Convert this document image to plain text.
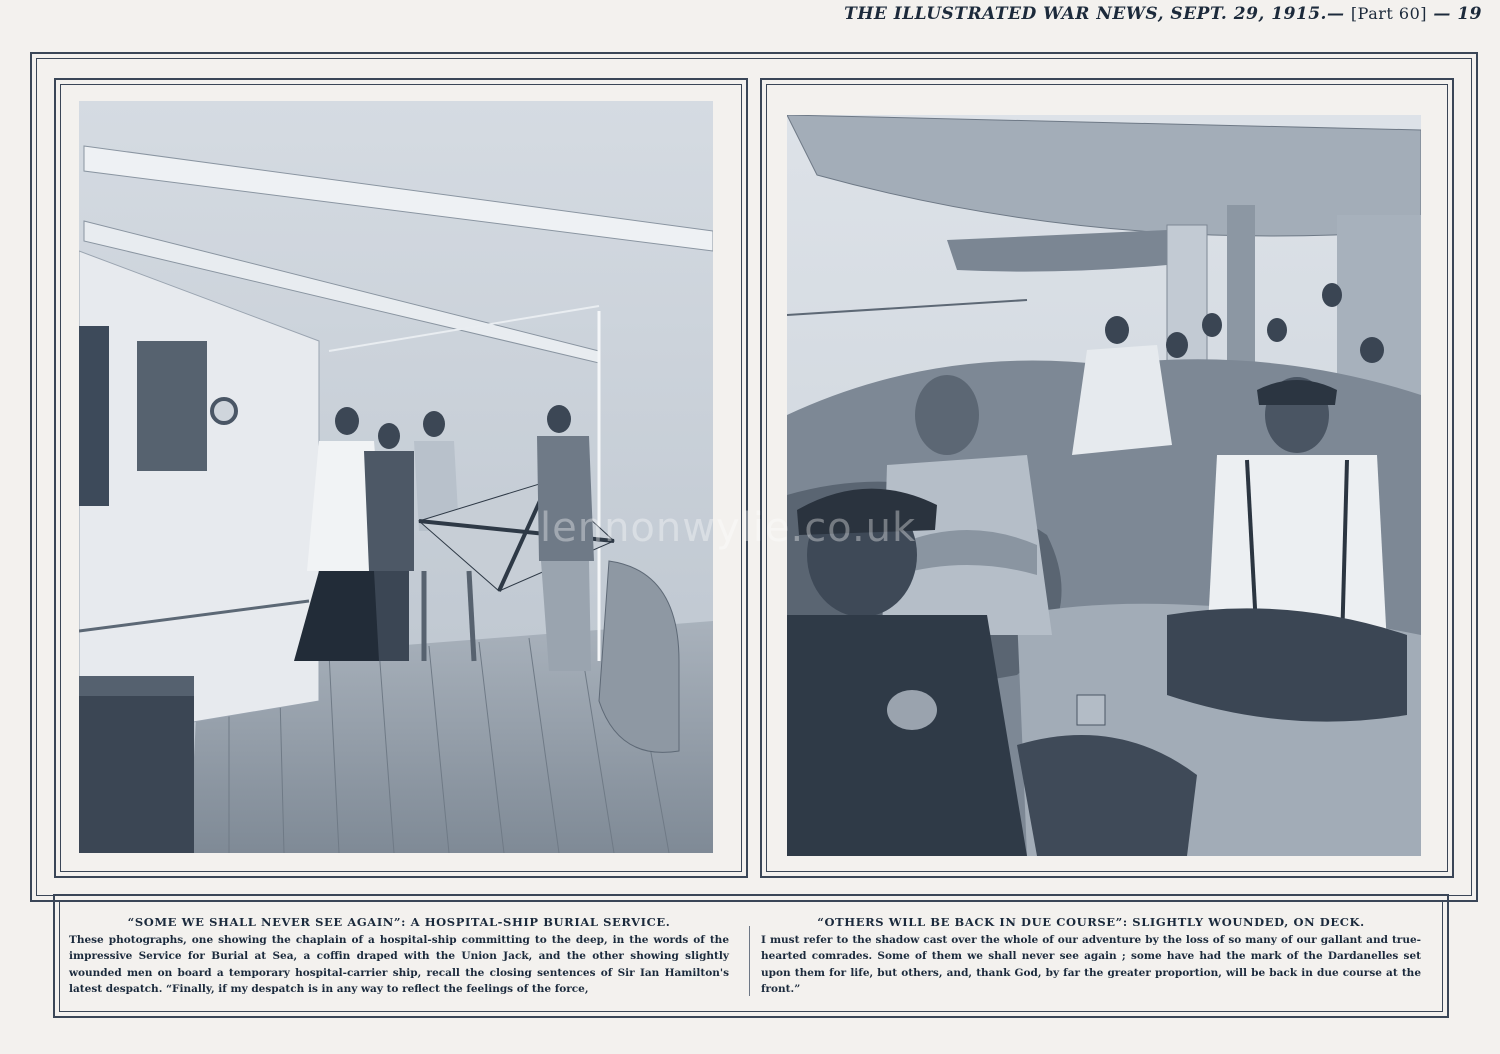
THE ILLUSTRATED WAR NEWS, SEPT. 29, 1915.— [Part 60] — 19
lennonwylie.co.uk
“SOME WE SHALL NEVER SEE AGAIN”: A HOSPITAL-SHIP BURIAL SERVICE.
These photographs, one showing the chaplain of a hospital-ship committing to the deep, in the words of the impressive Service for Burial at Sea, a coffin draped with the Union Jack, and the other showing slightly wounded men on board a temporary hospital-carrier ship, recall the closing sentences of Sir Ian Hamilton's latest despatch. “Finally, if my despatch is in any way to reflect the feelings of the force,
“OTHERS WILL BE BACK IN DUE COURSE”: SLIGHTLY WOUNDED, ON DECK.
I must refer to the shadow cast over the whole of our adventure by the loss of so many of our gallant and true-hearted comrades. Some of them we shall never see again ; some have had the mark of the Dardanelles set upon them for life, but others, and, thank God, by far the greater proportion, will be back in due course at the front.”
